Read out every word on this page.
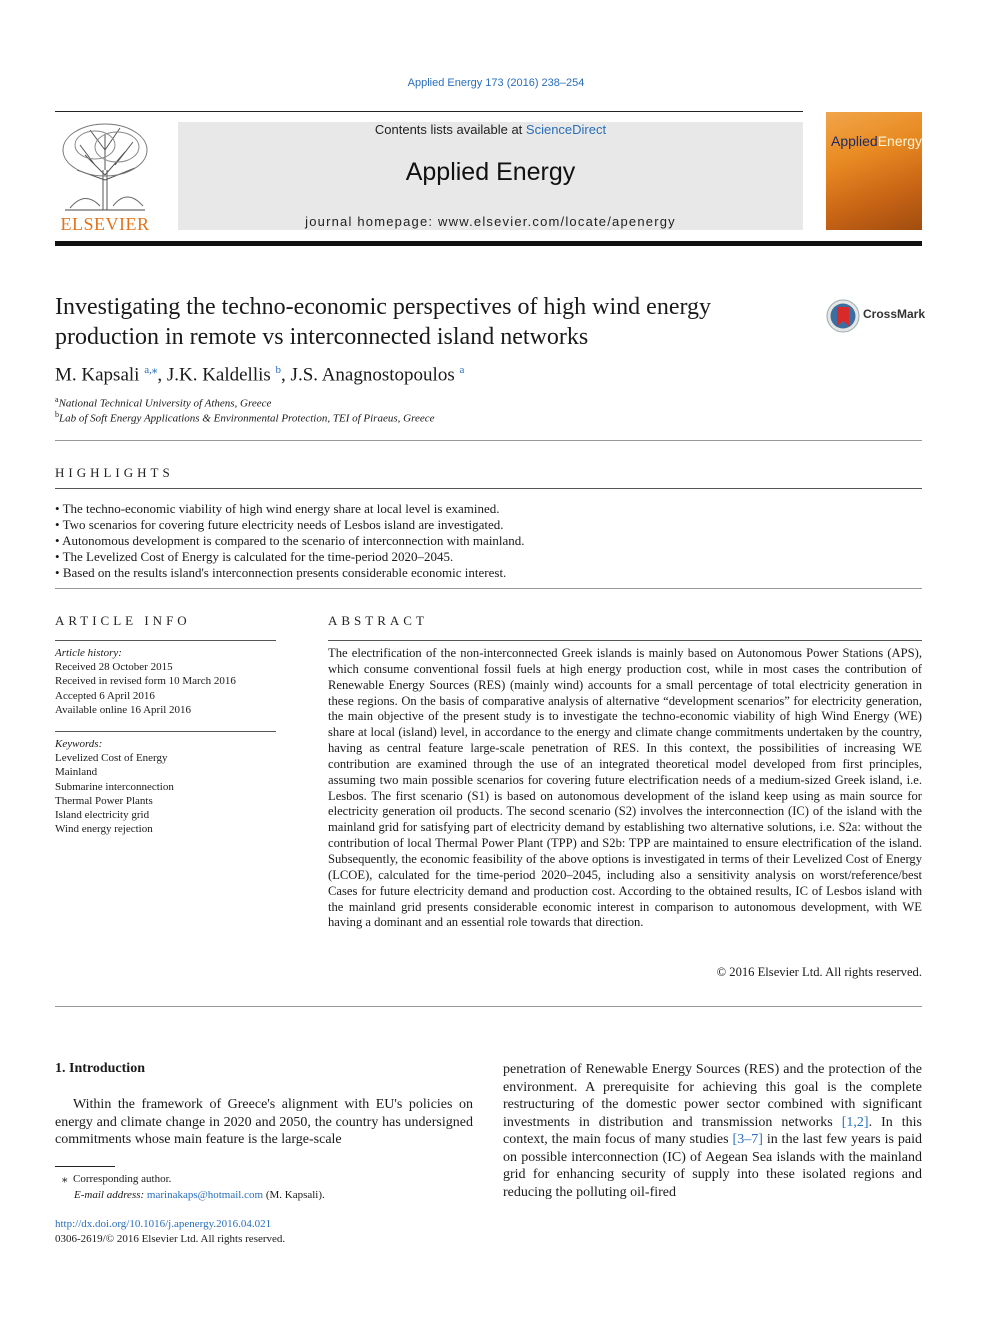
Applied Energy 173 (2016) 238–254
ELSEVIER
Contents lists available at ScienceDirect
Applied Energy
journal homepage: www.elsevier.com/locate/apenergy
AppliedEnergy
Investigating the techno-economic perspectives of high wind energy production in remote vs interconnected island networks
CrossMark
M. Kapsali $^{a,⁎}$, J.K. Kaldellis $^b$, J.S. Anagnostopoulos $^a$
$^a$National Technical University of Athens, Greece
$^b$Lab of Soft Energy Applications & Environmental Protection, TEI of Piraeus, Greece
HIGHLIGHTS
• The techno-economic viability of high wind energy share at local level is examined.
• Two scenarios for covering future electricity needs of Lesbos island are investigated.
• Autonomous development is compared to the scenario of interconnection with mainland.
• The Levelized Cost of Energy is calculated for the time-period 2020–2045.
• Based on the results island's interconnection presents considerable economic interest.
ARTICLE INFO
Article history:
Received 28 October 2015
Received in revised form 10 March 2016
Accepted 6 April 2016
Available online 16 April 2016
Keywords:
Levelized Cost of Energy
Mainland
Submarine interconnection
Thermal Power Plants
Island electricity grid
Wind energy rejection
ABSTRACT
The electrification of the non-interconnected Greek islands is mainly based on Autonomous Power Stations (APS), which consume conventional fossil fuels at high energy production cost, while in most cases the contribution of Renewable Energy Sources (RES) (mainly wind) accounts for a small percentage of total electricity generation in these regions. On the basis of comparative analysis of alternative “development scenarios” for electricity generation, the main objective of the present study is to investigate the techno-economic viability of high Wind Energy (WE) share at local (island) level, in accordance to the energy and climate change commitments undertaken by the country, having as central feature large-scale penetration of RES. In this context, the possibilities of increasing WE contribution are examined through the use of an integrated theoretical model developed from first principles, assuming two main possible scenarios for covering future electrification needs of a medium-sized Greek island, i.e. Lesbos. The first scenario (S1) is based on autonomous development of the island keep using as main source for electricity generation oil products. The second scenario (S2) involves the interconnection (IC) of the island with the mainland grid for satisfying part of electricity demand by establishing two alternative solutions, i.e. S2a: without the contribution of local Thermal Power Plant (TPP) and S2b: TPP are maintained to ensure electrification of the island. Subsequently, the economic feasibility of the above options is investigated in terms of their Levelized Cost of Energy (LCOE), calculated for the time-period 2020–2045, including also a sensitivity analysis on worst/reference/best Cases for future electricity demand and production cost. According to the obtained results, IC of Lesbos island with the mainland grid presents considerable economic interest in comparison to autonomous development, with WE having a dominant and an essential role towards that direction.
© 2016 Elsevier Ltd. All rights reserved.
1. Introduction
Within the framework of Greece's alignment with EU's policies on energy and climate change in 2020 and 2050, the country has undersigned commitments whose main feature is the large-scale
penetration of Renewable Energy Sources (RES) and the protection of the environment. A prerequisite for achieving this goal is the complete restructuring of the domestic power sector combined with significant investments in distribution and transmission networks [1,2]. In this context, the main focus of many studies [3–7] in the last few years is paid on possible interconnection (IC) of Aegean Sea islands with the mainland grid for enhancing security of supply into these isolated regions and reducing the polluting oil-fired
⁎  Corresponding author.
E-mail address: marinakaps@hotmail.com (M. Kapsali).
http://dx.doi.org/10.1016/j.apenergy.2016.04.021
0306-2619/© 2016 Elsevier Ltd. All rights reserved.
